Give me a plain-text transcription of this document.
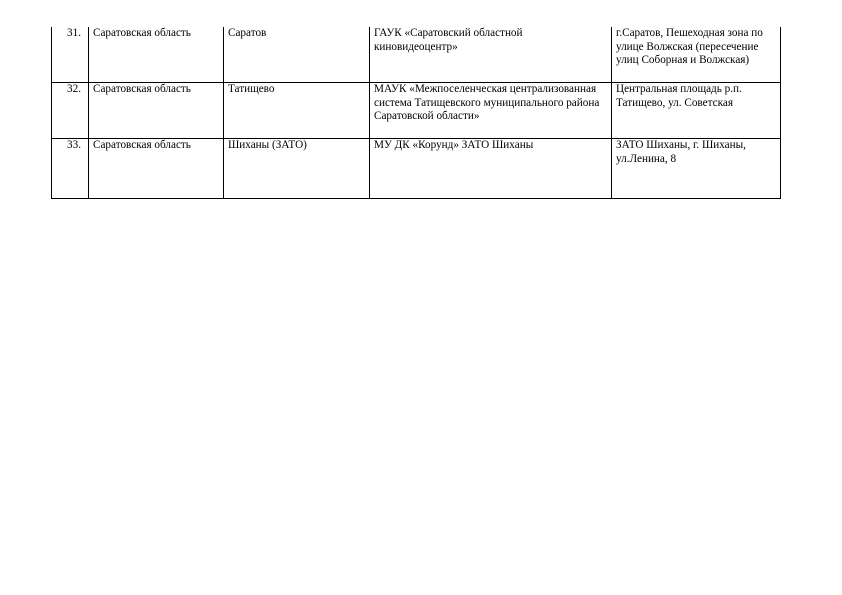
31.	Саратовская область	Саратов	ГАУК «Саратовский областной киновидеоцентр»	г.Саратов, Пешеходная зона по улице Волжская (пересечение улиц Соборная и Волжская)
32.	Саратовская область	Татищево	МАУК «Межпоселенческая централизованная система Татищевского муниципального района Саратовской области»	Центральная площадь р.п. Татищево, ул. Советская
33.	Саратовская область	Шиханы (ЗАТО)	МУ ДК «Корунд» ЗАТО Шиханы	ЗАТО Шиханы, г. Шиханы, ул.Ленина, 8
